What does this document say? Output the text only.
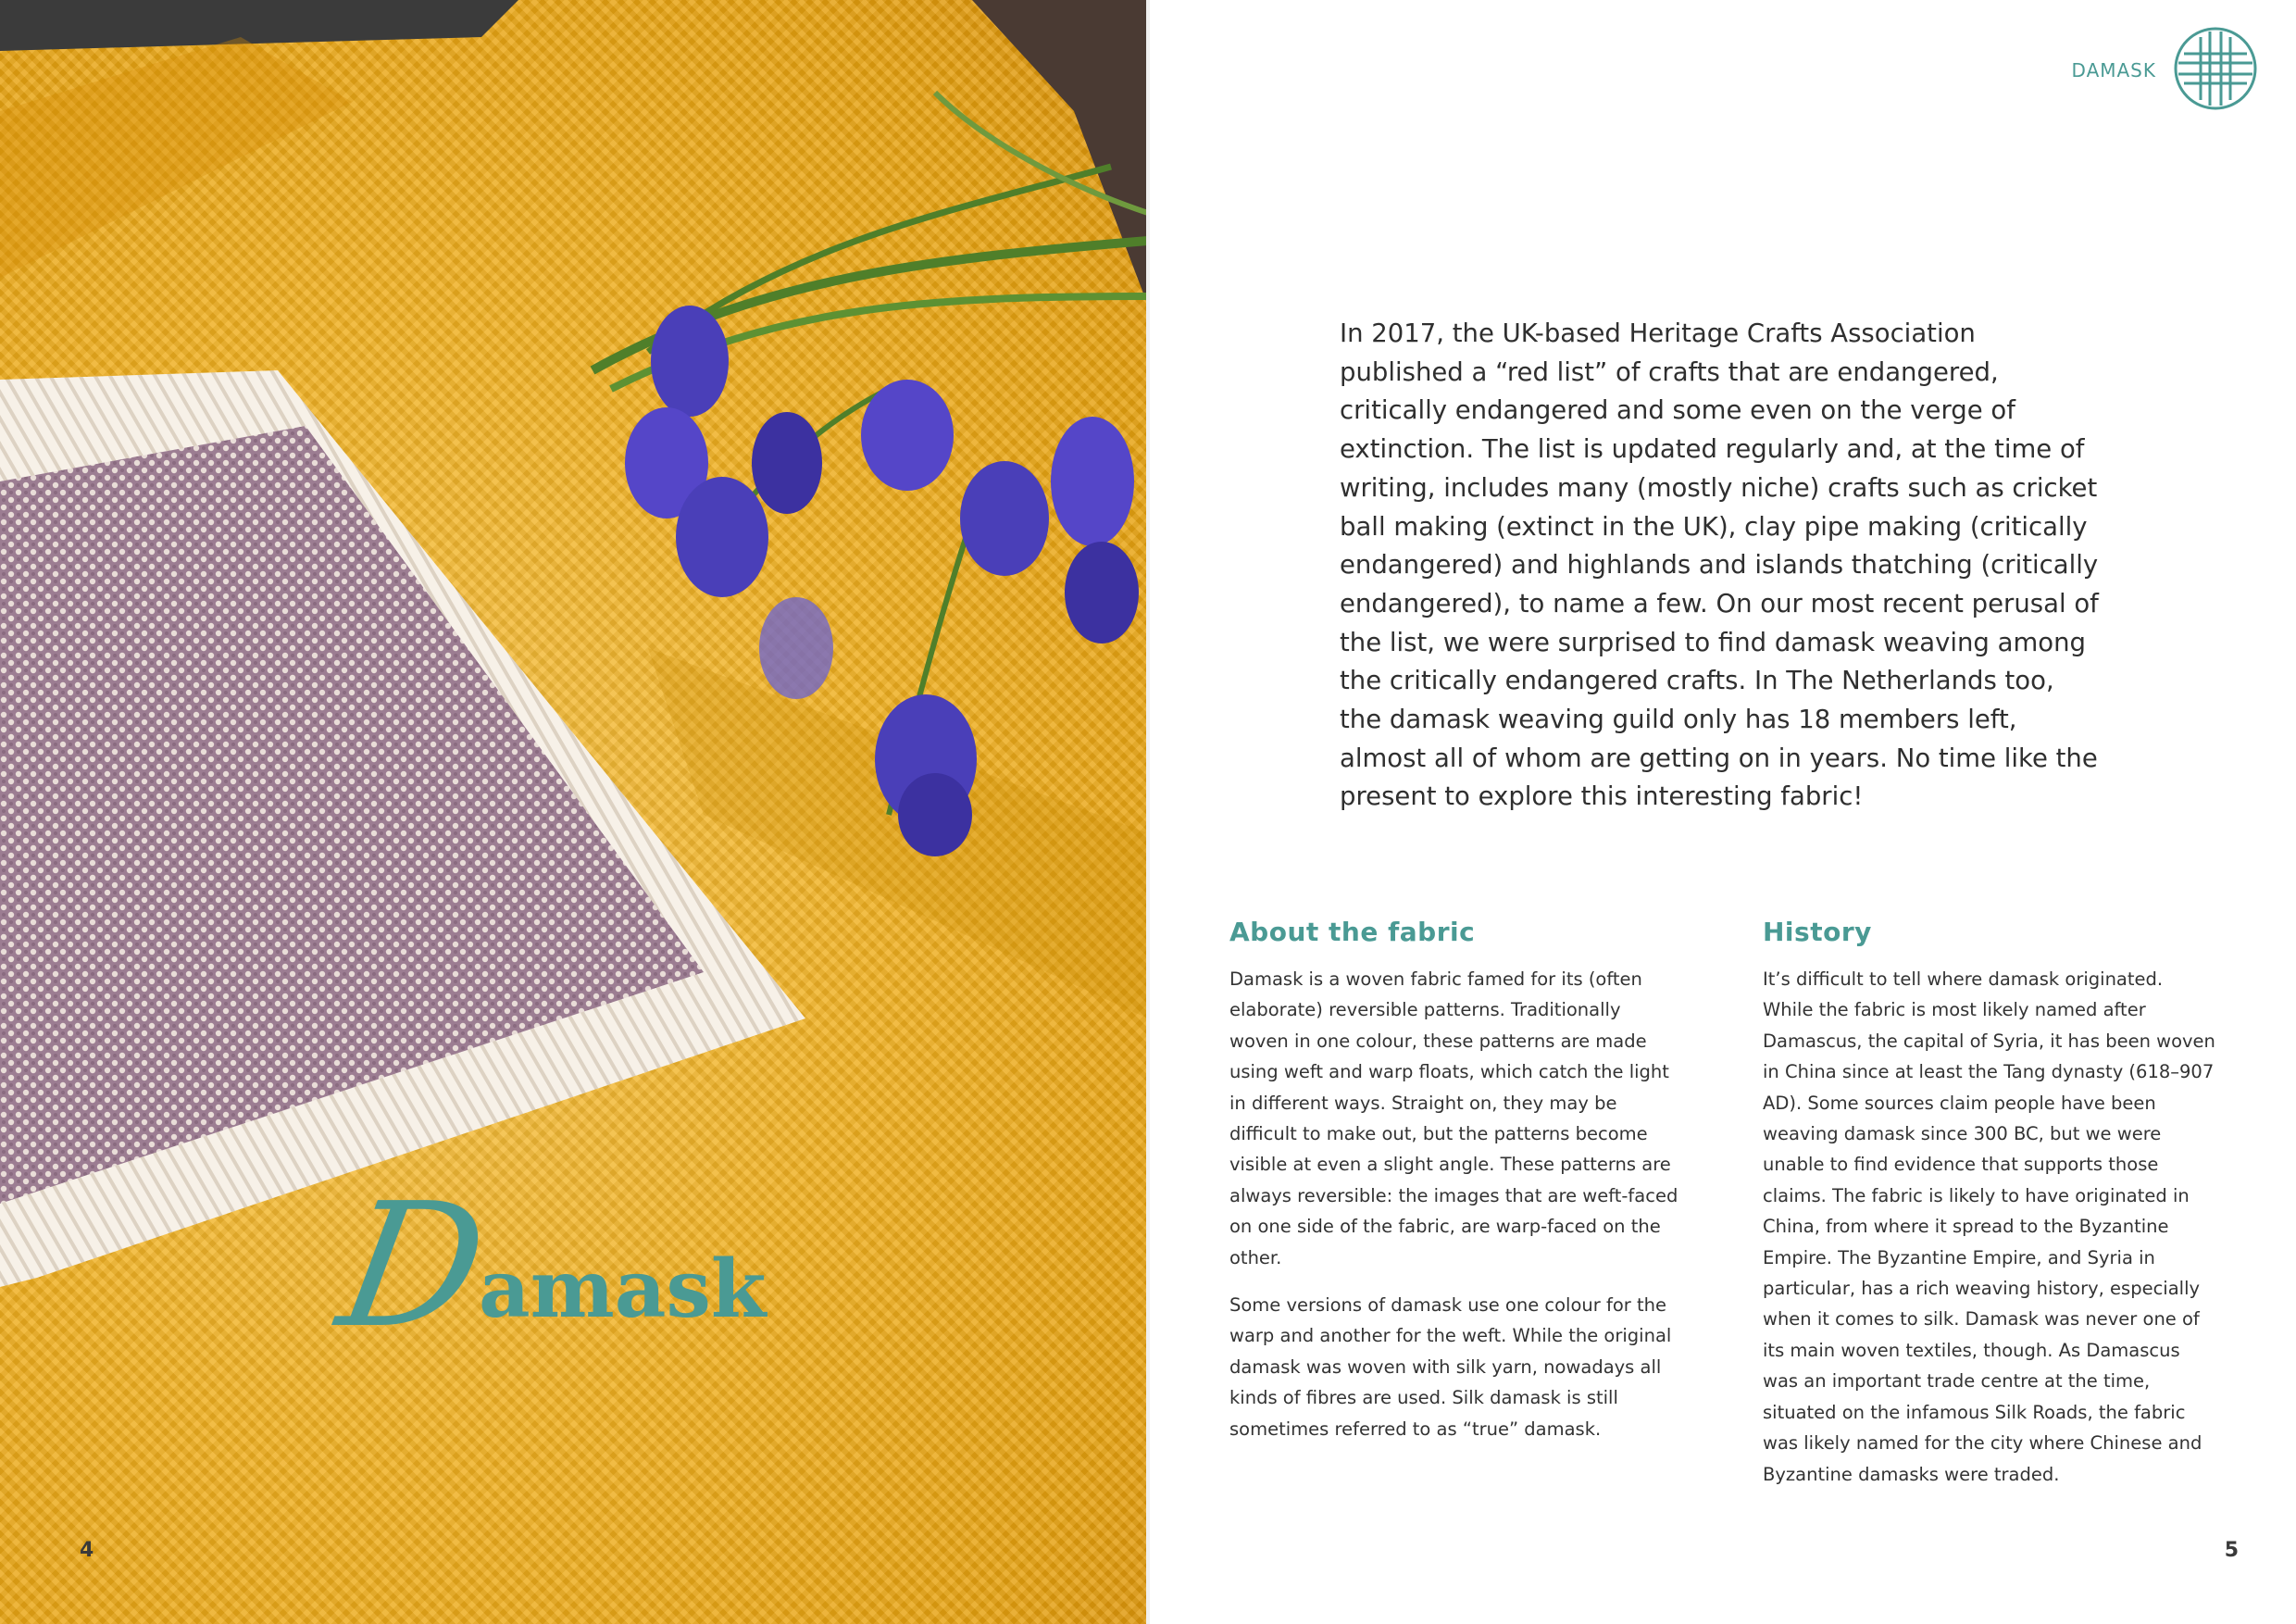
D
amask
4
DAMASK
In 2017, the UK-based Heritage Crafts Association published a “red list” of crafts that are endangered, critically endangered and some even on the verge of extinction. The list is updated regularly and, at the time of writing, includes many (mostly niche) crafts such as cricket ball making (extinct in the UK), clay pipe making (critically endangered) and highlands and islands thatching (critically endangered), to name a few. On our most recent perusal of the list, we were surprised to find damask weaving among the critically endangered crafts. In The Netherlands too, the damask weaving guild only has 18 members left, almost all of whom are getting on in years. No time like the present to explore this interesting fabric!
About the fabric

Damask is a woven fabric famed for its (often elaborate) reversible patterns. Traditionally woven in one colour, these patterns are made using weft and warp floats, which catch the light in different ways. Straight on, they may be difficult to make out, but the patterns become visible at even a slight angle. These patterns are always reversible: the images that are weft-faced on one side of the fabric, are warp-faced on the other.

Some versions of damask use one colour for the warp and another for the weft. While the original damask was woven with silk yarn, nowadays all kinds of fibres are used. Silk damask is still sometimes referred to as “true” damask.

History

It’s difficult to tell where damask originated. While the fabric is most likely named after Damascus, the capital of Syria, it has been woven in China since at least the Tang dynasty (618–907 AD). Some sources claim people have been weaving damask since 300 BC, but we were unable to find evidence that supports those claims. The fabric is likely to have originated in China, from where it spread to the Byzantine Empire. The Byzantine Empire, and Syria in particular, has a rich weaving history, especially when it comes to silk. Damask was never one of its main woven textiles, though. As Damascus was an important trade centre at the time, situated on the infamous Silk Roads, the fabric was likely named for the city where Chinese and Byzantine damasks were traded.

5
